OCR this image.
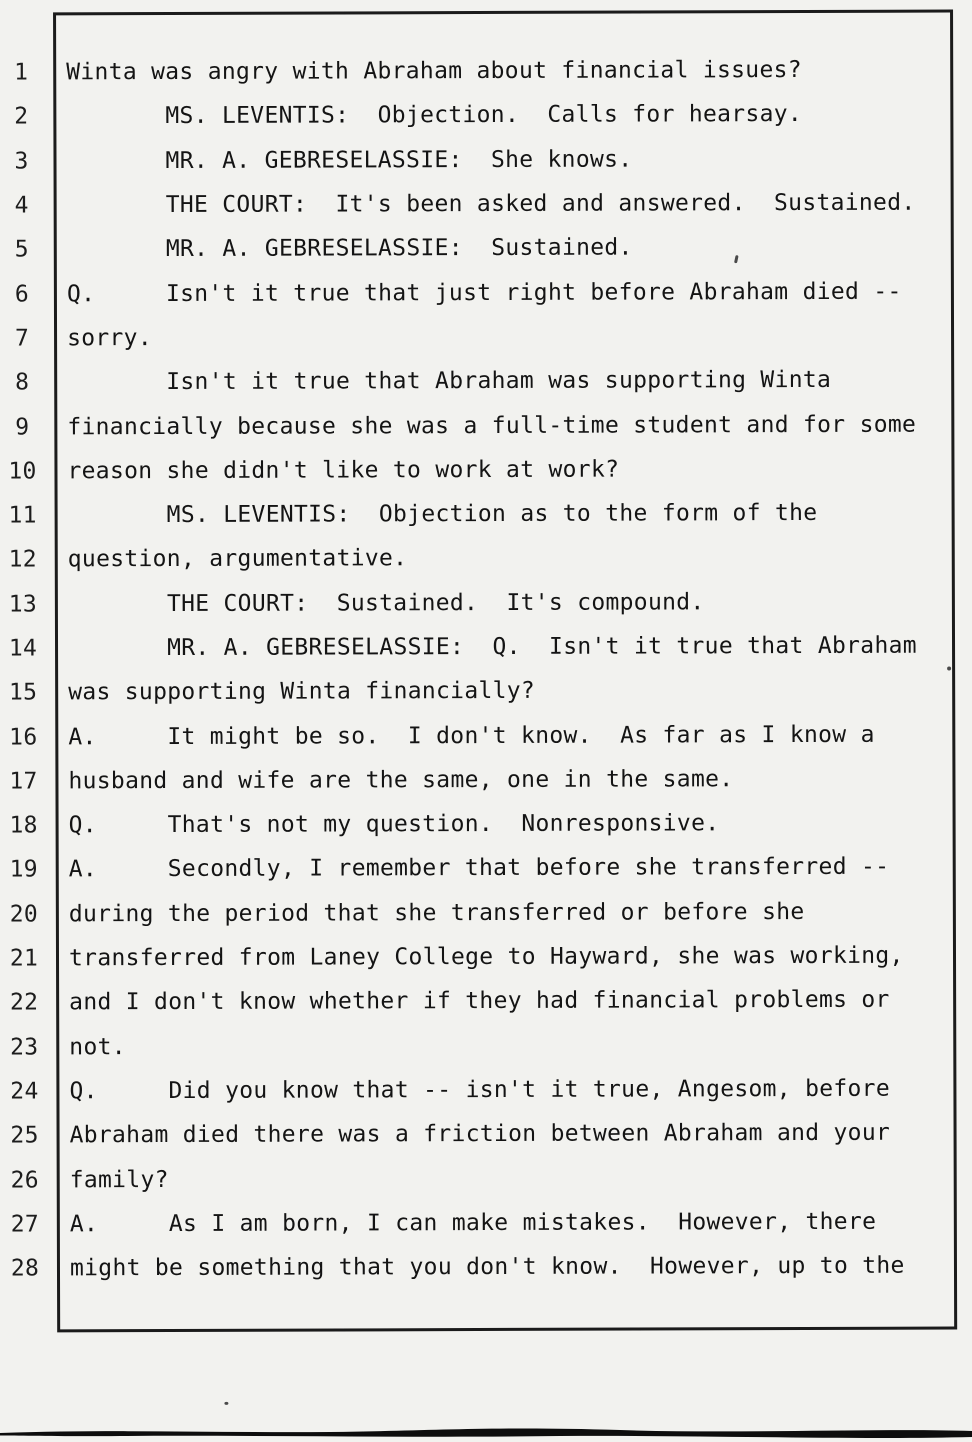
1	Winta was angry with Abraham about financial issues?
2	MS. LEVENTIS:  Objection.  Calls for hearsay.
3	MR. A. GEBRESELASSIE:  She knows.
4	THE COURT:  It's been asked and answered.  Sustained.
5	MR. A. GEBRESELASSIE:  Sustained.
6	Q.     Isn't it true that just right before Abraham died --
7	sorry.
8	Isn't it true that Abraham was supporting Winta
9	financially because she was a full-time student and for some
10 reason she didn't like to work at work?
11 MS. LEVENTIS:  Objection as to the form of the
12 question, argumentative.
13 THE COURT:  Sustained.  It's compound.
14 MR. A. GEBRESELASSIE:  Q.  Isn't it true that Abraham
15 was supporting Winta financially?
16 A.     It might be so.  I don't know.  As far as I know a
17 husband and wife are the same, one in the same.
18 Q.     That's not my question.  Nonresponsive.
19 A.     Secondly, I remember that before she transferred --
20 during the period that she transferred or before she
21 transferred from Laney College to Hayward, she was working,
22 and I don't know whether if they had financial problems or
23 not.
24 Q.     Did you know that -- isn't it true, Angesom, before
25 Abraham died there was a friction between Abraham and your
26 family?
27 A.     As I am born, I can make mistakes.  However, there
28 might be something that you don't know.  However, up to the
